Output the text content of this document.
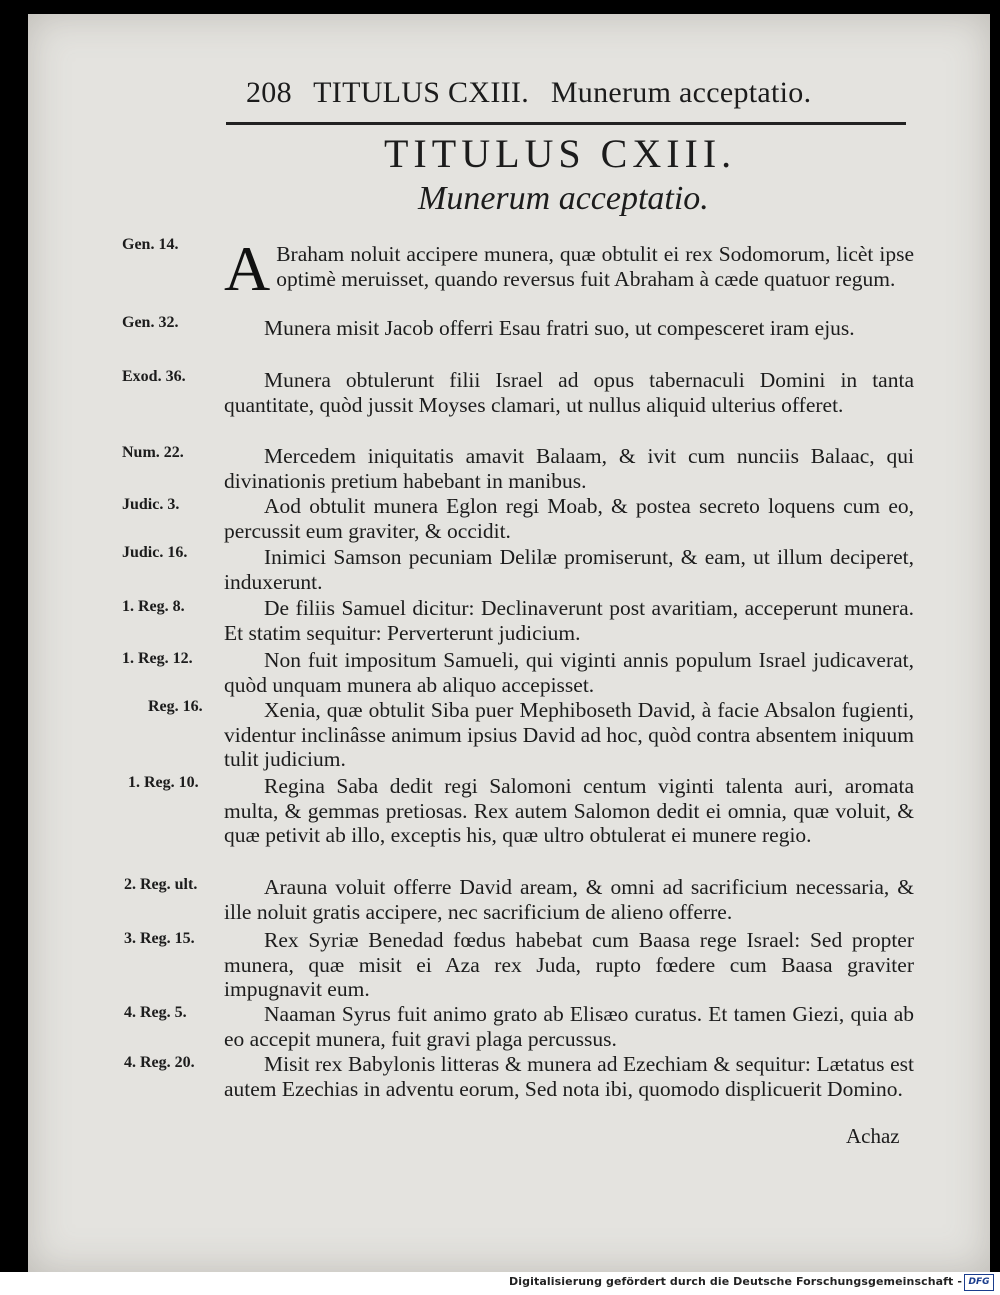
208 TITULUS CXIII. Munerum acceptatio.
TITULUS CXIII.
Munerum acceptatio.
Gen. 14. A Braham noluit accipere munera, quæ obtulit ei rex Sodomorum, licèt ipse optimè meruisset, quando reversus fuit Abraham à cæde quatuor regum.
Gen. 32.	Munera misit Jacob offerri Esau fratri suo, ut compesceret iram ejus.
Exod. 36.	Munera obtulerunt filii Israel ad opus tabernaculi Domini in tanta quantitate, quòd jussit Moyses clamari, ut nullus aliquid ulterius offeret.
Num. 22.	Mercedem iniquitatis amavit Balaam, & ivit cum nunciis Balaac, qui divinationis pretium habebant in manibus.
Judic. 3.	Aod obtulit munera Eglon regi Moab, & postea secreto loquens cum eo, percussit eum graviter, & occidit.
Judic. 16.	Inimici Samson pecuniam Delilæ promiserunt, & eam, ut illum deciperet, induxerunt.
1. Reg. 8.	De filiis Samuel dicitur: Declinaverunt post avaritiam, acceperunt munera. Et statim sequitur: Perverterunt judicium.
1. Reg. 12.	Non fuit impositum Samueli, qui viginti annis populum Israel judicaverat, quòd unquam munera ab aliquo accepisset.
Reg. 16.	Xenia, quæ obtulit Siba puer Mephiboseth David, à facie Absalon fugienti, videntur inclinâsse animum ipsius David ad hoc, quòd contra absentem iniquum tulit judicium.
1. Reg. 10.	Regina Saba dedit regi Salomoni centum viginti talenta auri, aromata multa, & gemmas pretiosas. Rex autem Salomon dedit ei omnia, quæ voluit, & quæ petivit ab illo, exceptis his, quæ ultro obtulerat ei munere regio.
2. Reg. ult.	Arauna voluit offerre David aream, & omni ad sacrificium necessaria, & ille noluit gratis accipere, nec sacrificium de alieno offerre.
3. Reg. 15.	Rex Syriæ Benedad fœdus habebat cum Baasa rege Israel: Sed propter munera, quæ misit ei Aza rex Juda, rupto fœdere cum Baasa graviter impugnavit eum.
4. Reg. 5.	Naaman Syrus fuit animo grato ab Elisæo curatus. Et tamen Giezi, quia ab eo accepit munera, fuit gravi plaga percussus.
4. Reg. 20.	Misit rex Babylonis litteras & munera ad Ezechiam & sequitur: Lætatus est autem Ezechias in adventu eorum, Sed nota ibi, quomodo displicuerit Domino.
Achaz
Digitalisierung gefördert durch die Deutsche Forschungsgemeinschaft - DFG
